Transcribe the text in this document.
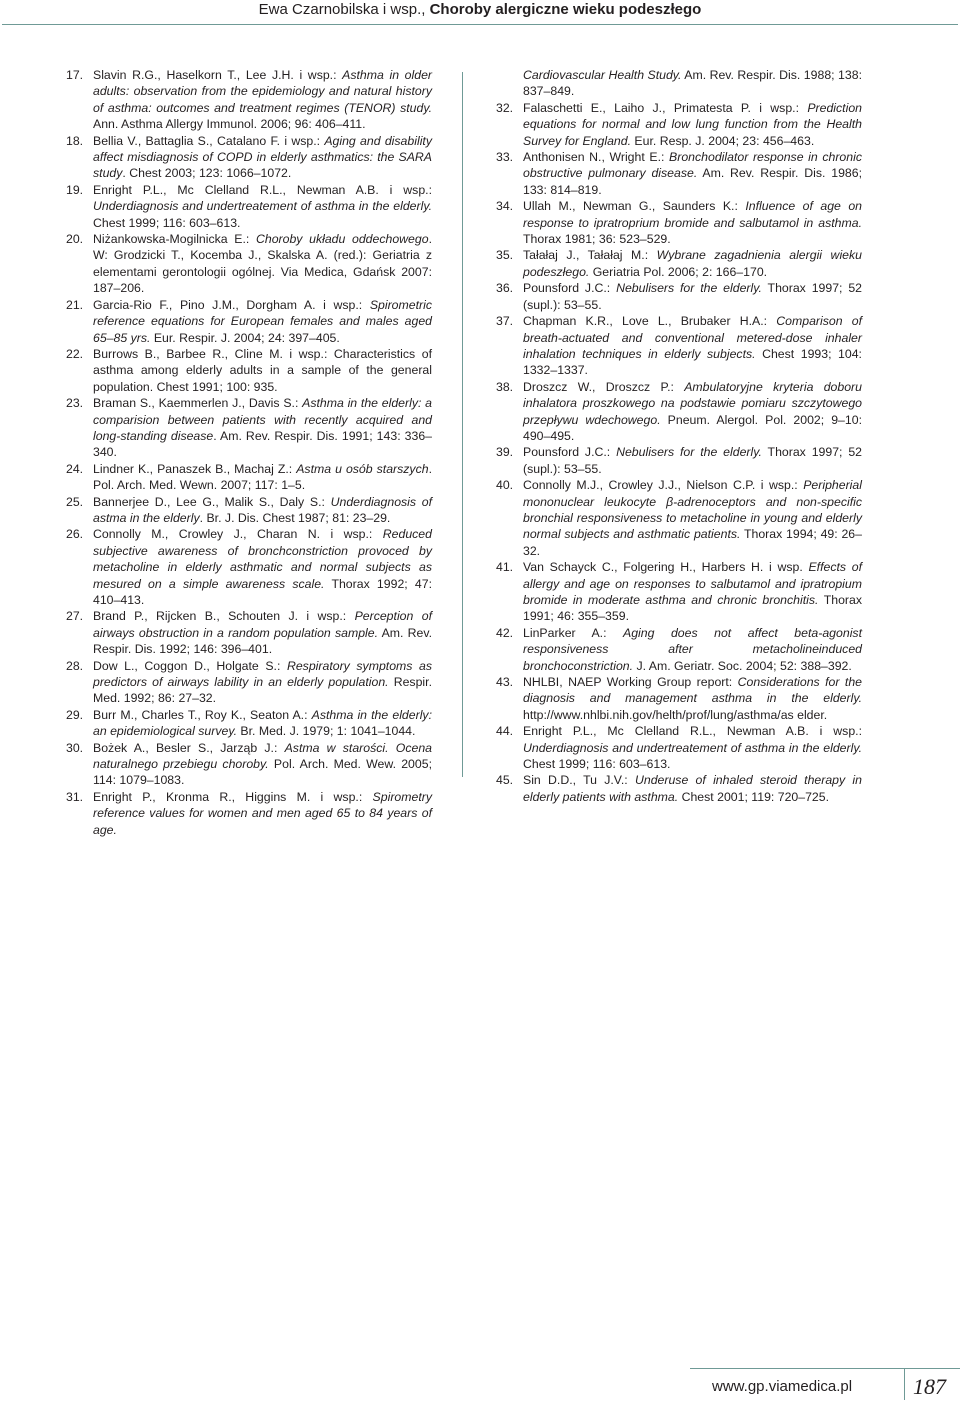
Ewa Czarnobilska i wsp., Choroby alergiczne wieku podeszłego
17. Slavin R.G., Haselkorn T., Lee J.H. i wsp.: Asthma in older adults: observation from the epidemiology and natural history of asthma: outcomes and treatment regimes (TENOR) study. Ann. Asthma Allergy Immunol. 2006; 96: 406–411.
18. Bellia V., Battaglia S., Catalano F. i wsp.: Aging and disability affect misdiagnosis of COPD in elderly asthmatics: the SARA study. Chest 2003; 123: 1066–1072.
19. Enright P.L., Mc Clelland R.L., Newman A.B. i wsp.: Underdiagnosis and undertreatement of asthma in the elderly. Chest 1999; 116: 603–613.
20. Niżankowska-Mogilnicka E.: Choroby układu oddechowego. W: Grodzicki T., Kocemba J., Skalska A. (red.): Geriatria z elementami gerontologii ogólnej. Via Medica, Gdańsk 2007: 187–206.
21. Garcia-Rio F., Pino J.M., Dorgham A. i wsp.: Spirometric reference equations for European females and males aged 65–85 yrs. Eur. Respir. J. 2004; 24: 397–405.
22. Burrows B., Barbee R., Cline M. i wsp.: Characteristics of asthma among elderly adults in a sample of the general population. Chest 1991; 100: 935.
23. Braman S., Kaemmerlen J., Davis S.: Asthma in the elderly: a comparision between patients with recently acquired and long-standing disease. Am. Rev. Respir. Dis. 1991; 143: 336–340.
24. Lindner K., Panaszek B., Machaj Z.: Astma u osób starszych. Pol. Arch. Med. Wewn. 2007; 117: 1–5.
25. Bannerjee D., Lee G., Malik S., Daly S.: Underdiagnosis of astma in the elderly. Br. J. Dis. Chest 1987; 81: 23–29.
26. Connolly M., Crowley J., Charan N. i wsp.: Reduced subjective awareness of bronchconstriction provoced by metacholine in elderly asthmatic and normal subjects as mesured on a simple awareness scale. Thorax 1992; 47: 410–413.
27. Brand P., Rijcken B., Schouten J. i wsp.: Perception of airways obstruction in a random population sample. Am. Rev. Respir. Dis. 1992; 146: 396–401.
28. Dow L., Coggon D., Holgate S.: Respiratory symptoms as predictors of airways lability in an elderly population. Respir. Med. 1992; 86: 27–32.
29. Burr M., Charles T., Roy K., Seaton A.: Asthma in the elderly: an epidemiological survey. Br. Med. J. 1979; 1: 1041–1044.
30. Bożek A., Besler S., Jarząb J.: Astma w starości. Ocena naturalnego przebiegu choroby. Pol. Arch. Med. Wew. 2005; 114: 1079–1083.
31. Enright P., Kronma R., Higgins M. i wsp.: Spirometry reference values for women and men aged 65 to 84 years of age.
Cardiovascular Health Study. Am. Rev. Respir. Dis. 1988; 138: 837–849.
32. Falaschetti E., Laiho J., Primatesta P. i wsp.: Prediction equations for normal and low lung function from the Health Survey for England. Eur. Resp. J. 2004; 23: 456–463.
33. Anthonisen N., Wright E.: Bronchodilator response in chronic obstructive pulmonary disease. Am. Rev. Respir. Dis. 1986; 133: 814–819.
34. Ullah M., Newman G., Saunders K.: Influence of age on response to ipratroprium bromide and salbutamol in asthma. Thorax 1981; 36: 523–529.
35. Tałałaj J., Tałałaj M.: Wybrane zagadnienia alergii wieku podeszłego. Geriatria Pol. 2006; 2: 166–170.
36. Pounsford J.C.: Nebulisers for the elderly. Thorax 1997; 52 (supl.): 53–55.
37. Chapman K.R., Love L., Brubaker H.A.: Comparison of breath-actuated and conventional metered-dose inhaler inhalation techniques in elderly subjects. Chest 1993; 104: 1332–1337.
38. Droszcz W., Droszcz P.: Ambulatoryjne kryteria doboru inhalatora proszkowego na podstawie pomiaru szczytowego przepływu wdechowego. Pneum. Alergol. Pol. 2002; 9–10: 490–495.
39. Pounsford J.C.: Nebulisers for the elderly. Thorax 1997; 52 (supl.): 53–55.
40. Connolly M.J., Crowley J.J., Nielson C.P. i wsp.: Peripherial mononuclear leukocyte β-adrenoceptors and non-specific bronchial responsiveness to metacholine in young and elderly normal subjects and asthmatic patients. Thorax 1994; 49: 26–32.
41. Van Schayck C., Folgering H., Harbers H. i wsp. Effects of allergy and age on responses to salbutamol and ipratropium bromide in moderate asthma and chronic bronchitis. Thorax 1991; 46: 355–359.
42. LinParker A.: Aging does not affect beta-agonist responsiveness after metacholineinduced bronchoconstriction. J. Am. Geriatr. Soc. 2004; 52: 388–392.
43. NHLBI, NAEP Working Group report: Considerations for the diagnosis and management asthma in the elderly. http://www.nhlbi.nih.gov/helth/prof/lung/asthma/as elder.
44. Enright P.L., Mc Clelland R.L., Newman A.B. i wsp.: Underdiagnosis and undertreatement of asthma in the elderly. Chest 1999; 116: 603–613.
45. Sin D.D., Tu J.V.: Underuse of inhaled steroid therapy in elderly patients with asthma. Chest 2001; 119: 720–725.
www.gp.viamedica.pl	187
